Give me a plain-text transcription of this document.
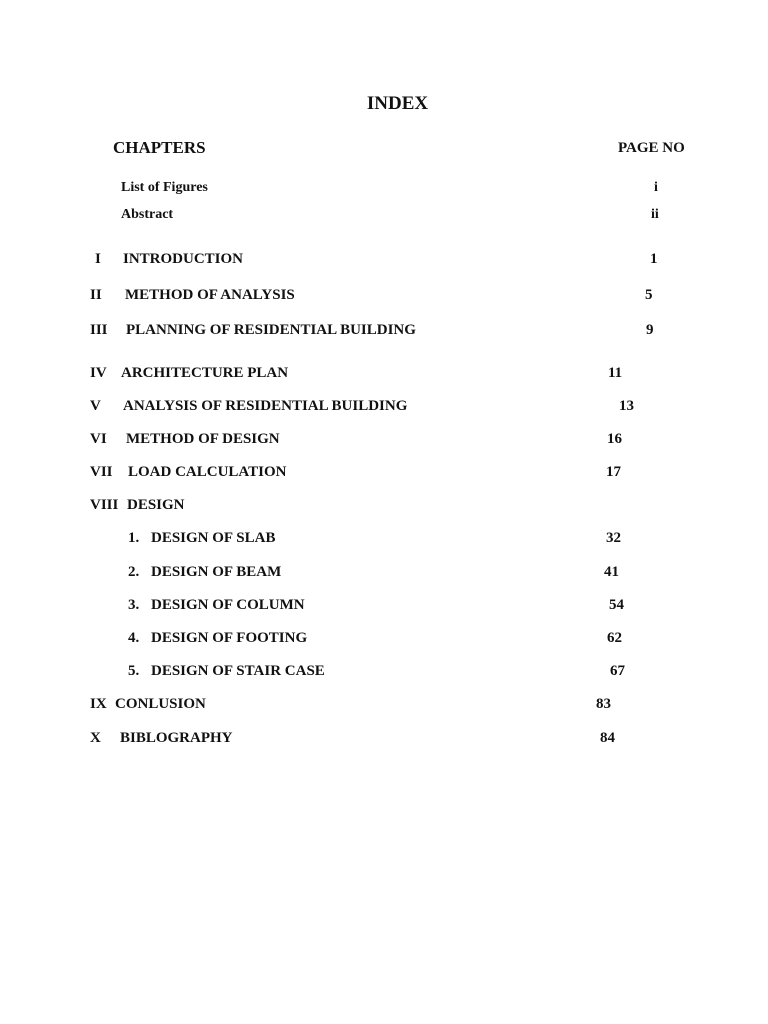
INDEX
CHAPTERS	PAGE NO
List of Figures	i
Abstract	ii
I INTRODUCTION	1
II METHOD OF ANALYSIS	5
III PLANNING OF RESIDENTIAL BUILDING	9
IV ARCHITECTURE PLAN	11
V ANALYSIS OF RESIDENTIAL BUILDING	13
VI METHOD OF DESIGN	16
VII LOAD CALCULATION	17
VIII DESIGN
1. DESIGN OF SLAB	32
2. DESIGN OF BEAM	41
3. DESIGN OF COLUMN	54
4. DESIGN OF FOOTING	62
5. DESIGN OF STAIR CASE	67
IX CONLUSION	83
X BIBLOGRAPHY	84
